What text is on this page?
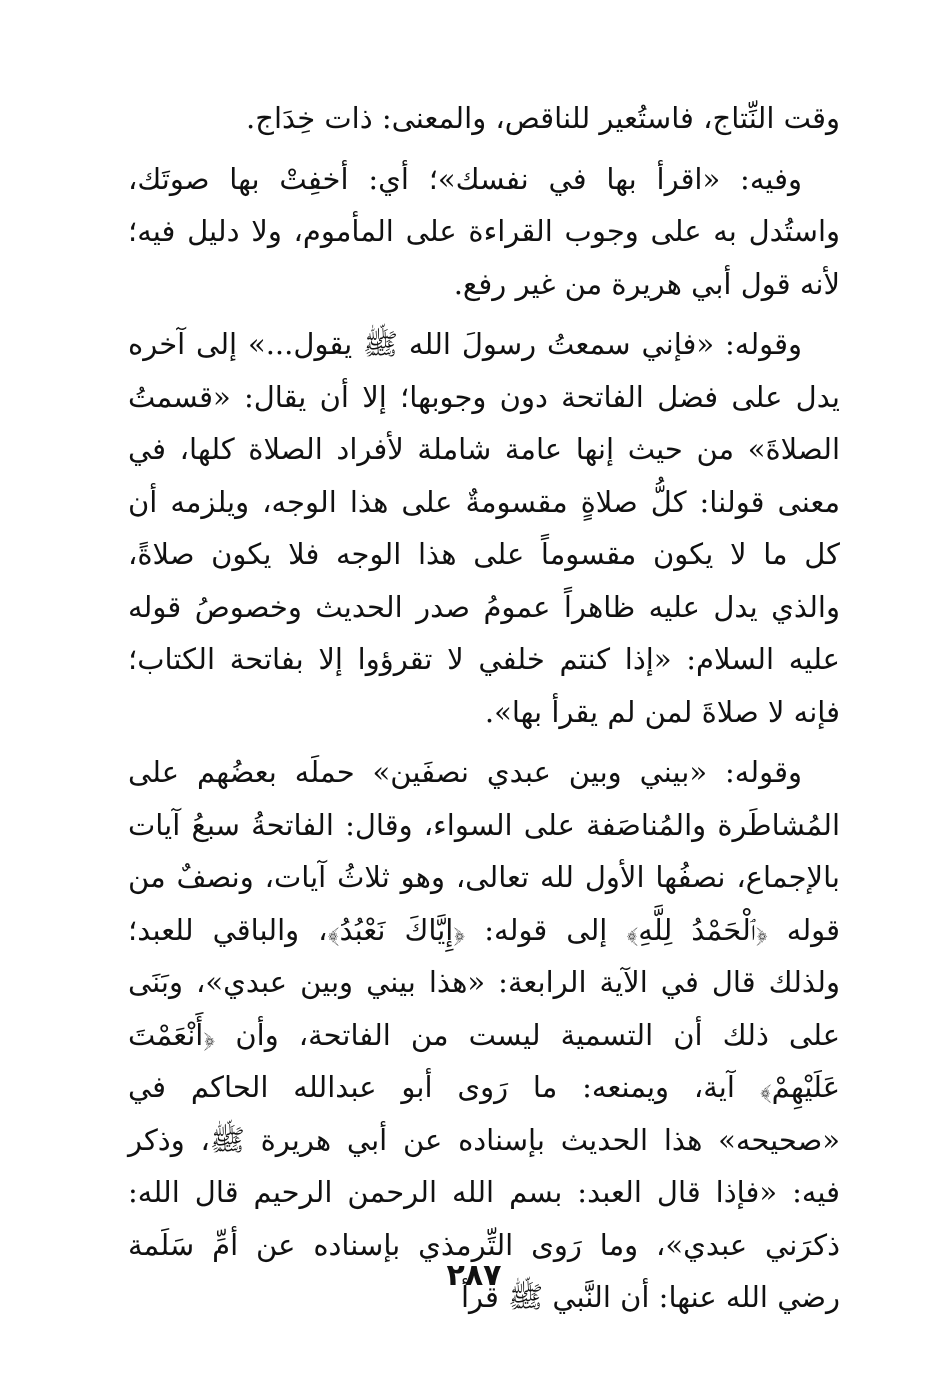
وقت النِّتاج، فاستُعير للناقص، والمعنى: ذات خِدَاج.

وفيه: «اقرأ بها في نفسك»؛ أي: أخفِتْ بها صوتَك، واستُدل به على وجوب القراءة على المأموم، ولا دليل فيه؛ لأنه قول أبي هريرة من غير رفع.

وقوله: «فإني سمعتُ رسولَ الله ﷺ يقول...» إلى آخره يدل على فضل الفاتحة دون وجوبها؛ إلا أن يقال: «قسمتُ الصلاةَ» من حيث إنها عامة شاملة لأفراد الصلاة كلها، في معنى قولنا: كلُّ صلاةٍ مقسومةٌ على هذا الوجه، ويلزمه أن كل ما لا يكون مقسوماً على هذا الوجه فلا يكون صلاةً، والذي يدل عليه ظاهراً عمومُ صدر الحديث وخصوصُ قوله عليه السلام: «إذا كنتم خلفي لا تقرؤوا إلا بفاتحة الكتاب؛ فإنه لا صلاةَ لمن لم يقرأ بها».

وقوله: «بيني وبين عبدي نصفَين» حملَه بعضُهم على المُشاطَرة والمُناصَفة على السواء، وقال: الفاتحةُ سبعُ آيات بالإجماع، نصفُها الأول لله تعالى، وهو ثلاثُ آيات، ونصفٌ من قوله ﴿ٱلْحَمْدُ لِلَّهِ﴾ إلى قوله: ﴿إِيَّاكَ نَعْبُدُ﴾، والباقي للعبد؛ ولذلك قال في الآية الرابعة: «هذا بيني وبين عبدي»، وبَنَى على ذلك أن التسمية ليست من الفاتحة، وأن ﴿أَنْعَمْتَ عَلَيْهِمْ﴾ آية، ويمنعه: ما رَوى أبو عبدالله الحاكم في «صحيحه» هذا الحديث بإسناده عن أبي هريرة ﷺ، وذكر فيه: «فإذا قال العبد: بسم الله الرحمن الرحيم قال الله: ذكرَني عبدي»، وما رَوى التِّرمذي بإسناده عن أمِّ سَلَمة رضي الله عنها: أن النَّبي ﷺ قرأ

٢٨٧
